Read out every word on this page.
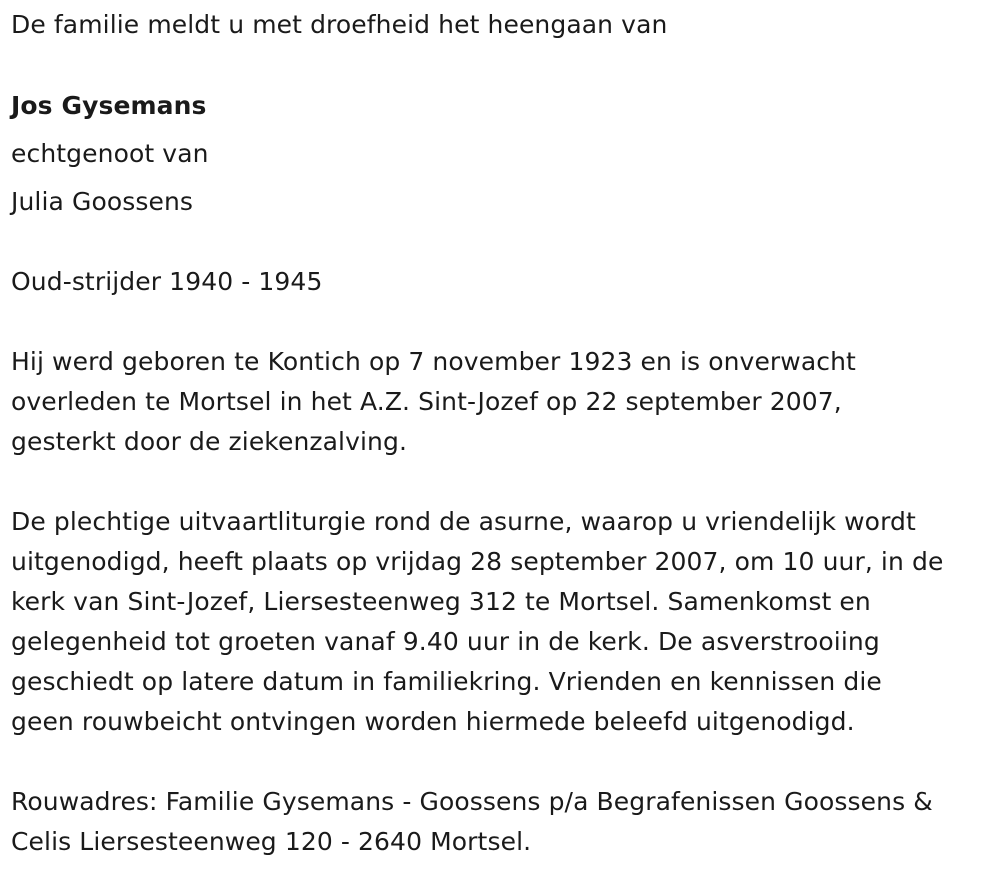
De familie meldt u met droefheid het heengaan van
Jos Gysemans
echtgenoot van
Julia Goossens
Oud-strijder 1940 - 1945
Hij werd geboren te Kontich op 7 november 1923 en is onverwacht
overleden te Mortsel in het A.Z. Sint-Jozef op 22 september 2007,
gesterkt door de ziekenzalving.
De plechtige uitvaartliturgie rond de asurne, waarop u vriendelijk wordt
uitgenodigd, heeft plaats op vrijdag 28 september 2007, om 10 uur, in de
kerk van Sint-Jozef, Liersesteenweg 312 te Mortsel. Samenkomst en
gelegenheid tot groeten vanaf 9.40 uur in de kerk. De asverstrooiing
geschiedt op latere datum in familiekring. Vrienden en kennissen die
geen rouwbeicht ontvingen worden hiermede beleefd uitgenodigd.
Rouwadres: Familie Gysemans - Goossens p/a Begrafenissen Goossens &
Celis Liersesteenweg 120 - 2640 Mortsel.
